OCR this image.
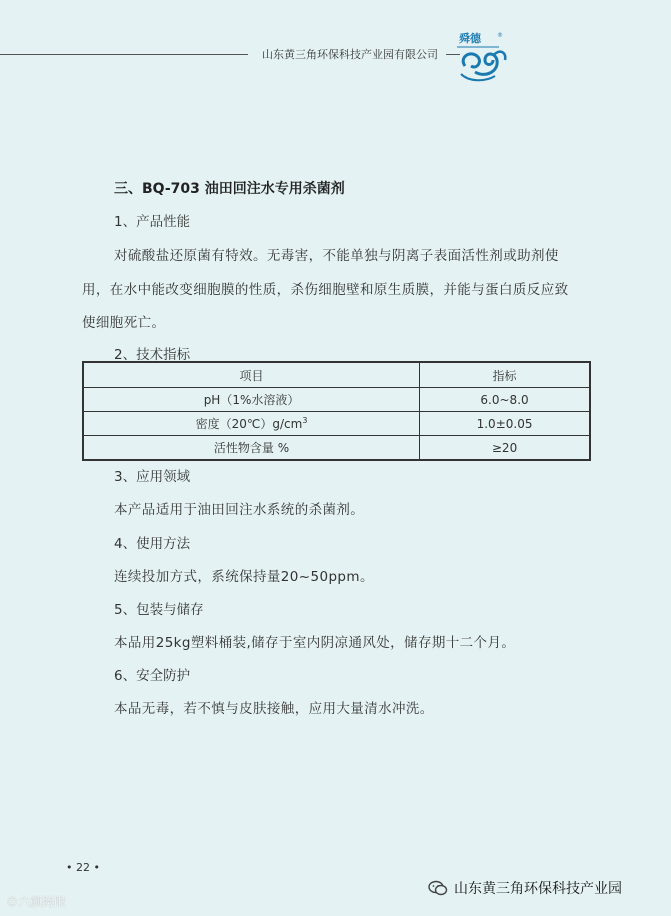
山东黄三角环保科技产业园有限公司
舜德	®
三、BQ-703 油田回注水专用杀菌剂
1、产品性能
对硫酸盐还原菌有特效。无毒害，不能单独与阴离子表面活性剂或助剂使
用，在水中能改变细胞膜的性质，杀伤细胞壁和原生质膜，并能与蛋白质反应致
使细胞死亡。
2、技术指标
项目	指标
pH（1%水溶液）	6.0~8.0
密度$(20℃)g/cm^3$	1.0±0.05
活性物含量 %	≥20
3、应用领域
本产品适用于油田回注水系统的杀菌剂。
4、使用方法
连续投加方式，系统保持量20~50ppm。
5、包装与储存
本品用25kg塑料桶装,储存于室内阴凉通风处，储存期十二个月。
6、安全防护
本品无毒，若不慎与皮肤接触，应用大量清水冲洗。
• 22 •
©六颜跨限
山东黄三角环保科技产业园
